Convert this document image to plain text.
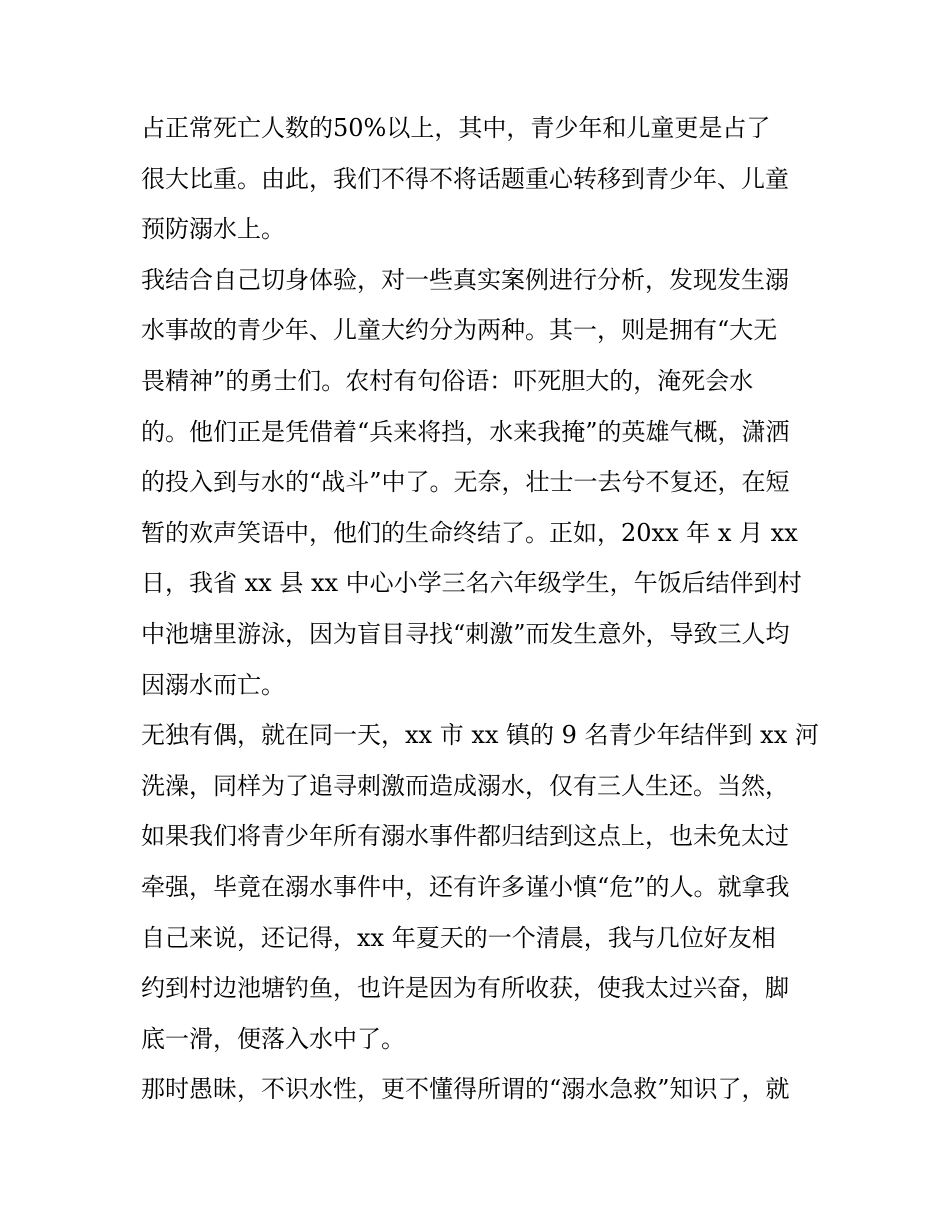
占正常死亡人数的50%以上，其中，青少年和儿童更是占了
很大比重。由此，我们不得不将话题重心转移到青少年、儿童
预防溺水上。
我结合自己切身体验，对一些真实案例进行分析，发现发生溺
水事故的青少年、儿童大约分为两种。其一，则是拥有“大无
畏精神”的勇士们。农村有句俗语：吓死胆大的，淹死会水
的。他们正是凭借着“兵来将挡，水来我掩”的英雄气概，潇洒
的投入到与水的“战斗”中了。无奈，壮士一去兮不复还，在短
暂的欢声笑语中，他们的生命终结了。正如，20xx 年 x 月 xx
日，我省 xx 县 xx 中心小学三名六年级学生，午饭后结伴到村
中池塘里游泳，因为盲目寻找“刺激”而发生意外，导致三人均
因溺水而亡。
无独有偶，就在同一天，xx 市 xx 镇的 9 名青少年结伴到 xx 河
洗澡，同样为了追寻刺激而造成溺水，仅有三人生还。当然，
如果我们将青少年所有溺水事件都归结到这点上，也未免太过
牵强，毕竟在溺水事件中，还有许多谨小慎“危”的人。就拿我
自己来说，还记得，xx 年夏天的一个清晨，我与几位好友相
约到村边池塘钓鱼，也许是因为有所收获，使我太过兴奋，脚
底一滑，便落入水中了。
那时愚昧，不识水性，更不懂得所谓的“溺水急救”知识了，就
